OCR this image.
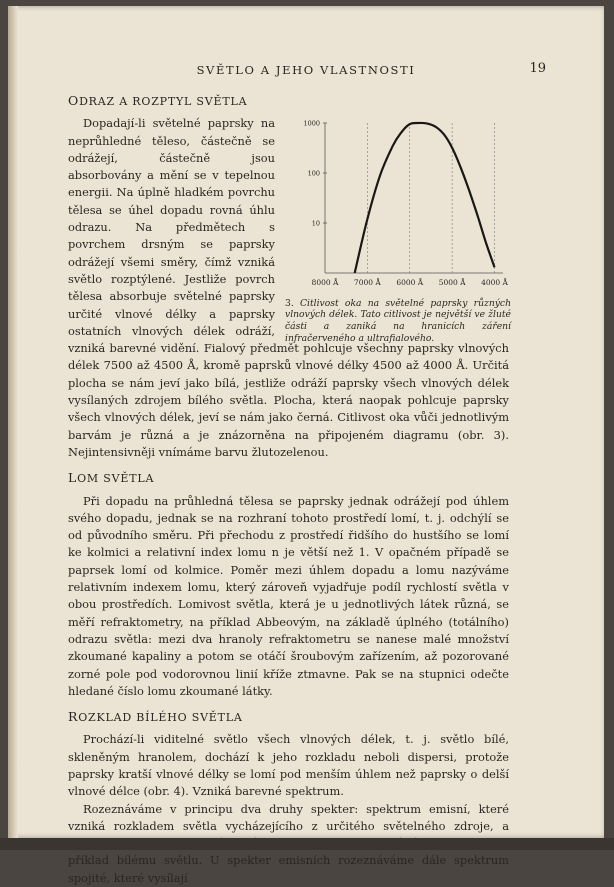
SVĚTLO A JEHO VLASTNOSTI	19
ODRAZ A ROZPTYL SVĚTLA
1000
100
10
8000 Å 7000 Å 6000 Å 5000 Å 4000 Å
3. Citlivost oka na světelné paprsky různých vlnových délek. Tato citlivost je největší ve žluté části a zaniká na hranicích záření infračerveného a ultrafialového.

Dopadají-li světelné paprsky na neprůhledné těleso, částečně se odrážejí, částečně jsou absorbovány a mění se v tepelnou energii. Na úplně hladkém povrchu tělesa se úhel dopadu rovná úhlu odrazu. Na předmětech s povrchem drsným se paprsky odrážejí všemi směry, čímž vzniká světlo rozptýlené. Jestliže povrch tělesa absorbuje světelné paprsky určité vlnové délky a paprsky ostatních vlnových délek odráží, vzniká barevné vidění. Fialový předmět pohlcuje všechny paprsky vlnových délek 7500 až 4500 Å, kromě paprsků vlnové délky 4500 až 4000 Å. Určitá plocha se nám jeví jako bílá, jestliže odráží paprsky všech vlnových délek vysílaných zdrojem bílého světla. Plocha, která naopak pohlcuje paprsky všech vlnových délek, jeví se nám jako černá. Citlivost oka vůči jednotlivým barvám je různá a je znázorněna na připojeném diagramu (obr. 3). Nejintensivněji vnímáme barvu žlutozelenou.

LOM SVĚTLA

Při dopadu na průhledná tělesa se paprsky jednak odrážejí pod úhlem svého dopadu, jednak se na rozhraní tohoto prostředí lomí, t. j. odchýlí se od původního směru. Při přechodu z prostředí řidšího do hustšího se lomí ke kolmici a relativní index lomu n je větší než 1. V opačném případě se paprsek lomí od kolmice. Poměr mezi úhlem dopadu a lomu nazýváme relativním indexem lomu, který zároveň vyjadřuje podíl rychlostí světla v obou prostředích. Lomivost světla, která je u jednotlivých látek různá, se měří refraktometry, na příklad Abbeovým, na základě úplného (totálního) odrazu světla: mezi dva hranoly refraktometru se nanese malé množství zkoumané kapaliny a potom se otáčí šroubovým zařízením, až pozorované zorné pole pod vodorovnou linií kříže ztmavne. Pak se na stupnici odečte hledané číslo lomu zkoumané látky.

ROZKLAD BÍLÉHO SVĚTLA

Prochází-li viditelné světlo všech vlnových délek, t. j. světlo bílé, skleněným hranolem, dochází k jeho rozkladu neboli dispersi, protože paprsky kratší vlnové délky se lomí pod menším úhlem než paprsky o delší vlnové délce (obr. 4). Vzniká barevné spektrum.

Rozeznáváme v principu dva druhy spekter: spektrum emisní, které vzniká rozkladem světla vycházejícího z určitého světelného zdroje, a příklad bílému světlu. U spekter emisních rozeznáváme dále spektrum spojité, které vysílají
